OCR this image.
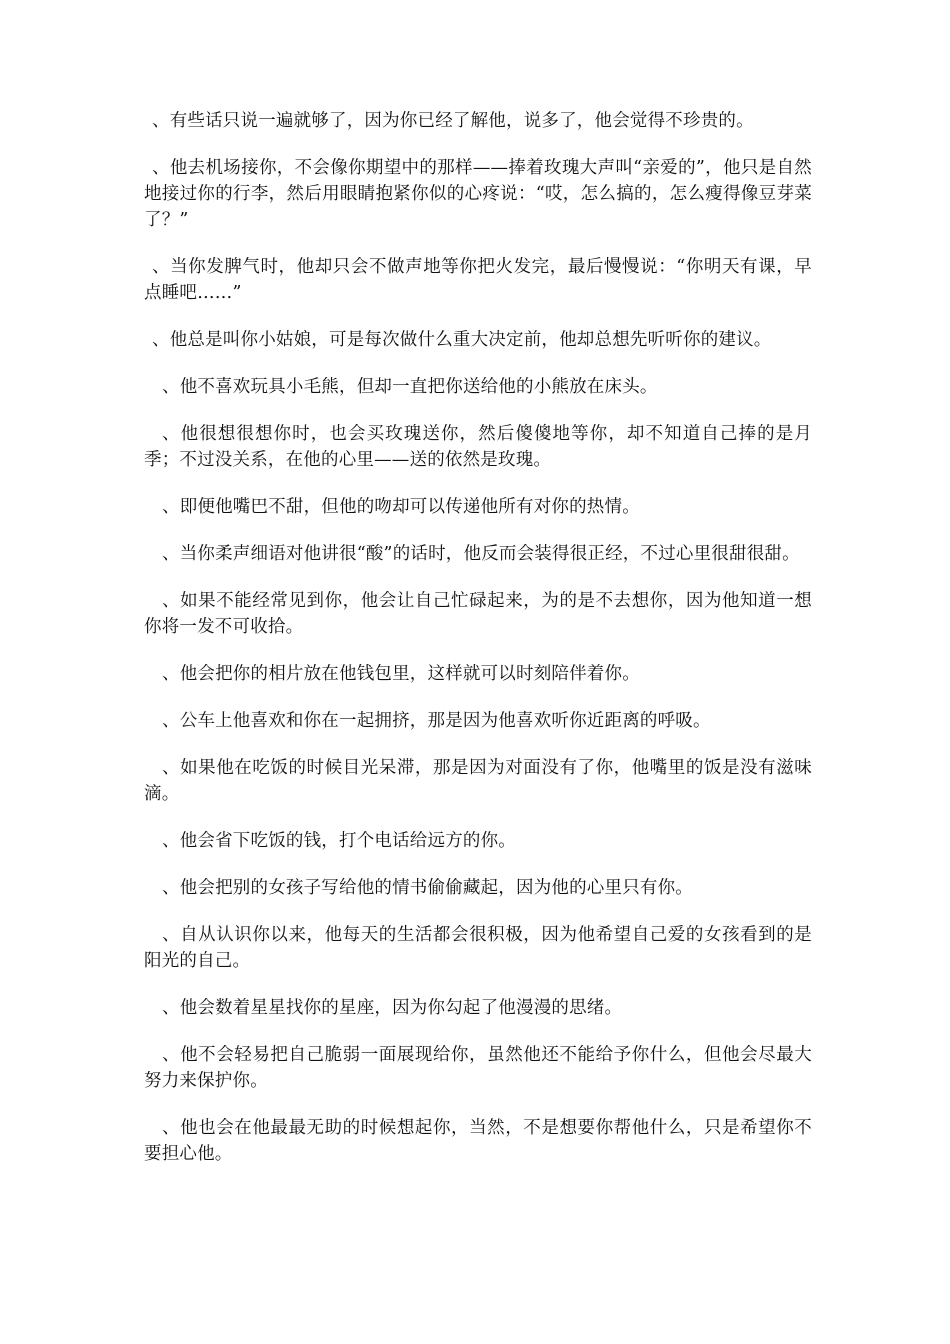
、有些话只说一遍就够了，因为你已经了解他，说多了，他会觉得不珍贵的。

、他去机场接你，不会像你期望中的那样——捧着玫瑰大声叫“亲爱的”，他只是自然地接过你的行李，然后用眼睛抱紧你似的心疼说：“哎，怎么搞的，怎么瘦得像豆芽菜了？”

、当你发脾气时，他却只会不做声地等你把火发完，最后慢慢说：“你明天有课，早点睡吧……”

、他总是叫你小姑娘，可是每次做什么重大决定前，他却总想先听听你的建议。

、他不喜欢玩具小毛熊，但却一直把你送给他的小熊放在床头。

、他很想很想你时，也会买玫瑰送你，然后傻傻地等你，却不知道自己捧的是月季；不过没关系，在他的心里——送的依然是玫瑰。

、即便他嘴巴不甜，但他的吻却可以传递他所有对你的热情。

、当你柔声细语对他讲很“酸”的话时，他反而会装得很正经，不过心里很甜很甜。

、如果不能经常见到你，他会让自己忙碌起来，为的是不去想你，因为他知道一想你将一发不可收拾。

、他会把你的相片放在他钱包里，这样就可以时刻陪伴着你。

、公车上他喜欢和你在一起拥挤，那是因为他喜欢听你近距离的呼吸。

、如果他在吃饭的时候目光呆滞，那是因为对面没有了你，他嘴里的饭是没有滋味滴。

、他会省下吃饭的钱，打个电话给远方的你。

、他会把别的女孩子写给他的情书偷偷藏起，因为他的心里只有你。

、自从认识你以来，他每天的生活都会很积极，因为他希望自己爱的女孩看到的是阳光的自己。

、他会数着星星找你的星座，因为你勾起了他漫漫的思绪。

、他不会轻易把自己脆弱一面展现给你，虽然他还不能给予你什么，但他会尽最大努力来保护你。

、他也会在他最最无助的时候想起你，当然，不是想要你帮他什么，只是希望你不要担心他。
